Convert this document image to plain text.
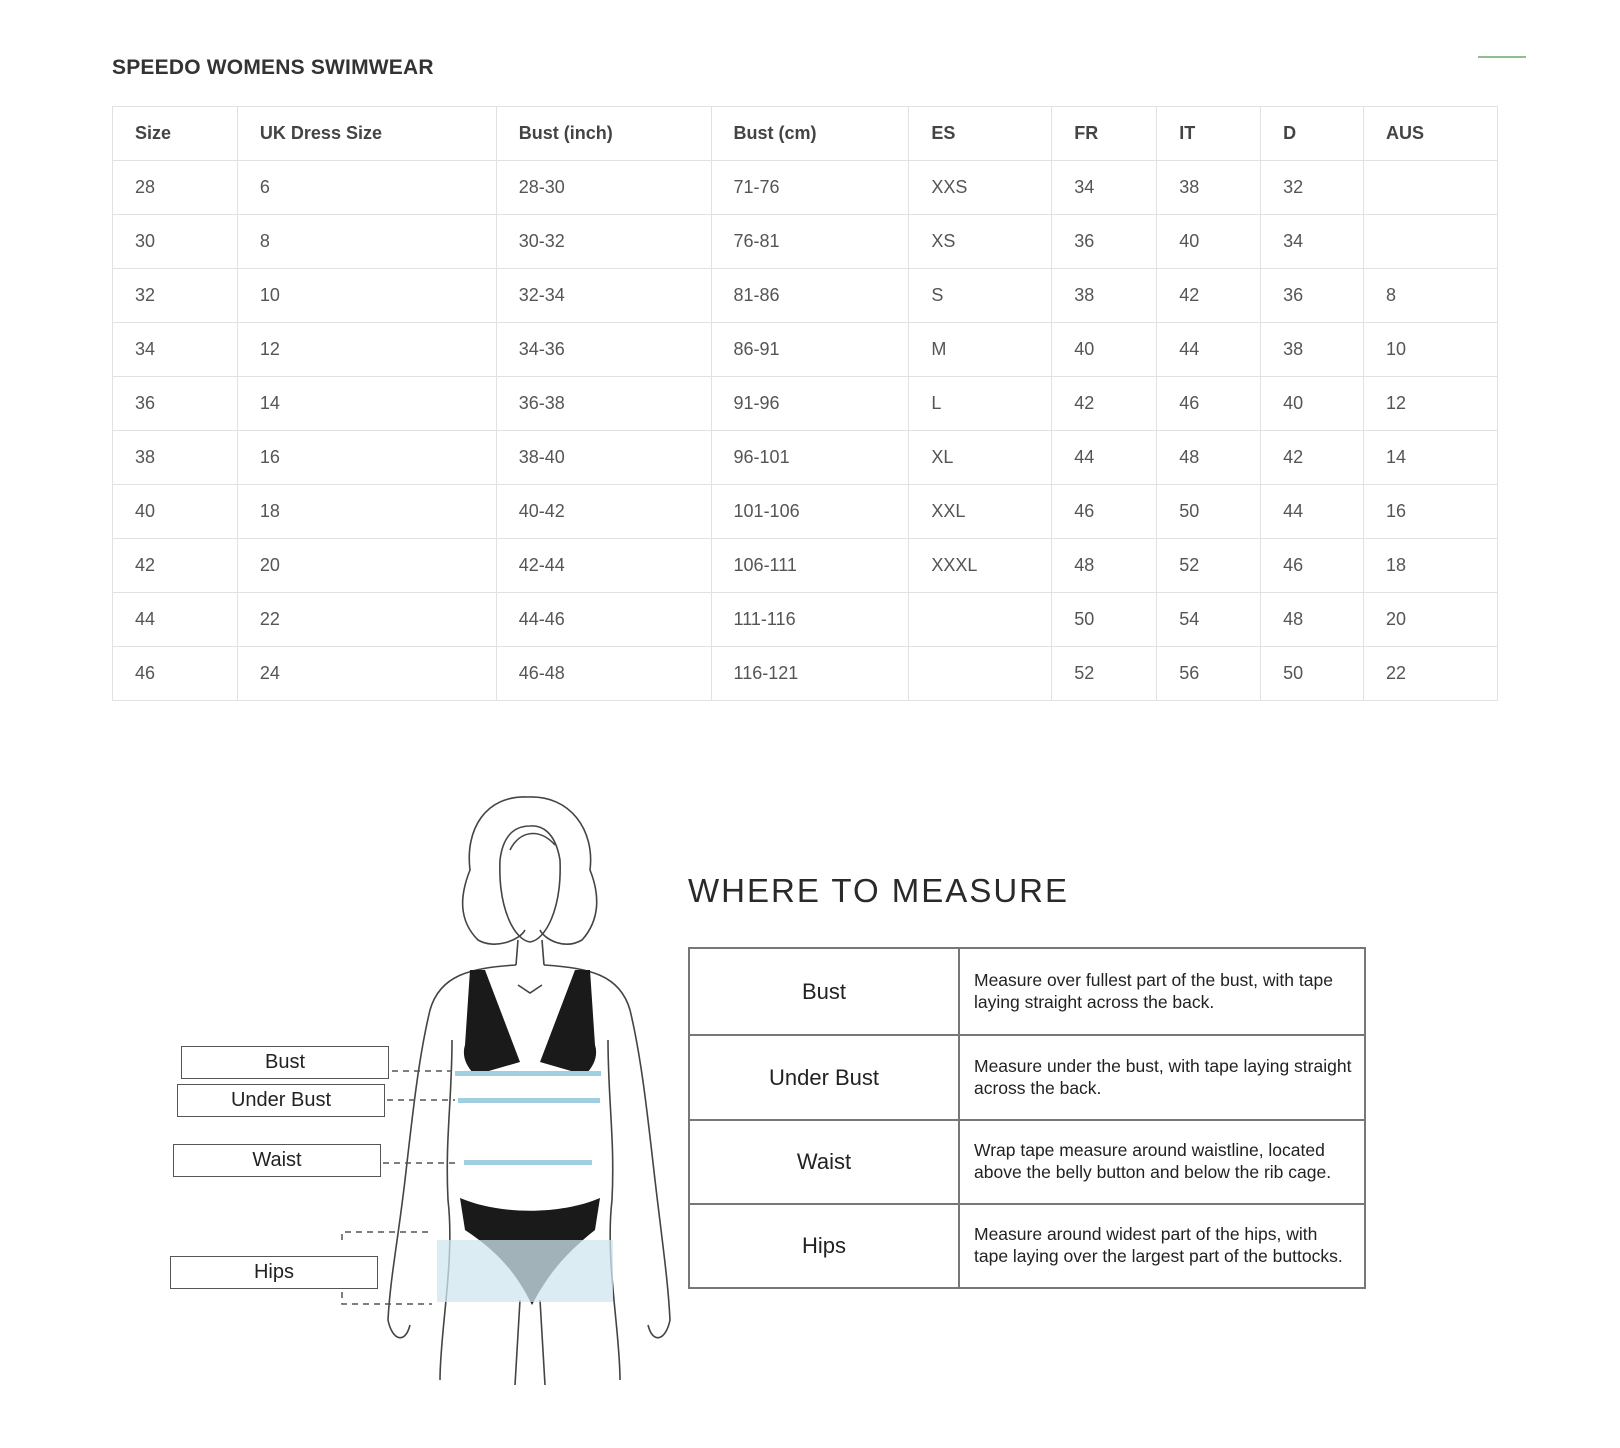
SPEEDO WOMENS SWIMWEAR
Size	UK Dress Size	Bust (inch)	Bust (cm)	ES	FR	IT	D	AUS
28	6	28-30	71-76	XXS	34	38	32	
30	8	30-32	76-81	XS	36	40	34	
32	10	32-34	81-86	S	38	42	36	8
34	12	34-36	86-91	M	40	44	38	10
36	14	36-38	91-96	L	42	46	40	12
38	16	38-40	96-101	XL	44	48	42	14
40	18	40-42	101-106	XXL	46	50	44	16
42	20	42-44	106-111	XXXL	48	52	46	18
44	22	44-46	111-116		50	54	48	20
46	24	46-48	116-121		52	56	50	22
Bust
Under Bust
Waist
Hips
WHERE TO MEASURE
Bust	Measure over fullest part of the bust, with tape laying straight across the back.
Under Bust	Measure under the bust, with tape laying straight across the back.
Waist	Wrap tape measure around waistline, located above the belly button and below the rib cage.
Hips	Measure around widest part of the hips, with tape laying over the largest part of the buttocks.
